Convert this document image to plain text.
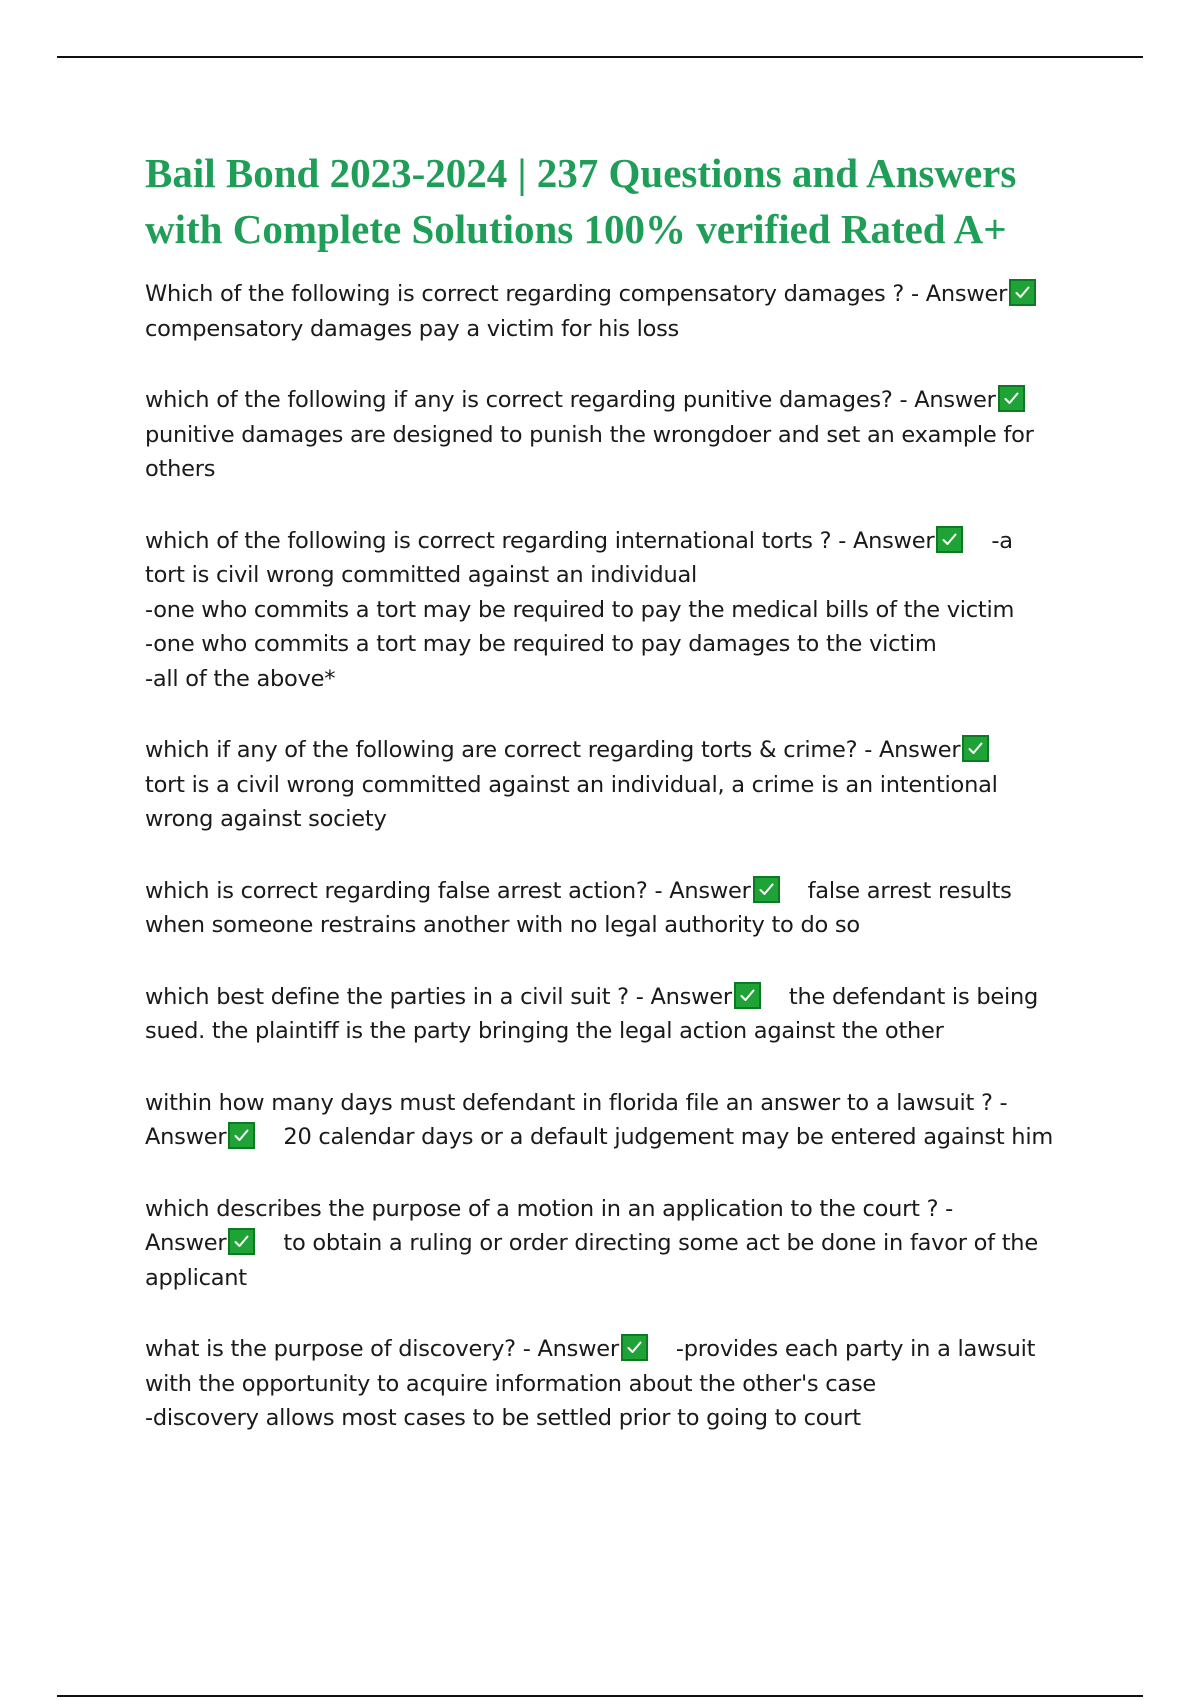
Bail Bond 2023-2024 | 237 Questions and Answers with Complete Solutions 100% verified Rated A+
Which of the following is correct regarding compensatory damages ? - Answer
compensatory damages pay a victim for his loss
which of the following if any is correct regarding punitive damages? - Answer
punitive damages are designed to punish the wrongdoer and set an example for
others
which of the following is correct regarding international torts ? - Answer	-a
tort is civil wrong committed against an individual
-one who commits a tort may be required to pay the medical bills of the victim
-one who commits a tort may be required to pay damages to the victim
-all of the above*
which if any of the following are correct regarding torts & crime? - Answer
tort is a civil wrong committed against an individual, a crime is an intentional
wrong against society
which is correct regarding false arrest action? - Answer	false arrest results
when someone restrains another with no legal authority to do so
which best define the parties in a civil suit ? - Answer	the defendant is being
sued. the plaintiff is the party bringing the legal action against the other
within how many days must defendant in florida file an answer to a lawsuit ? -
Answer	20 calendar days or a default judgement may be entered against him
which describes the purpose of a motion in an application to the court ? -
Answer	to obtain a ruling or order directing some act be done in favor of the
applicant
what is the purpose of discovery? - Answer	-provides each party in a lawsuit
with the opportunity to acquire information about the other's case
-discovery allows most cases to be settled prior to going to court
